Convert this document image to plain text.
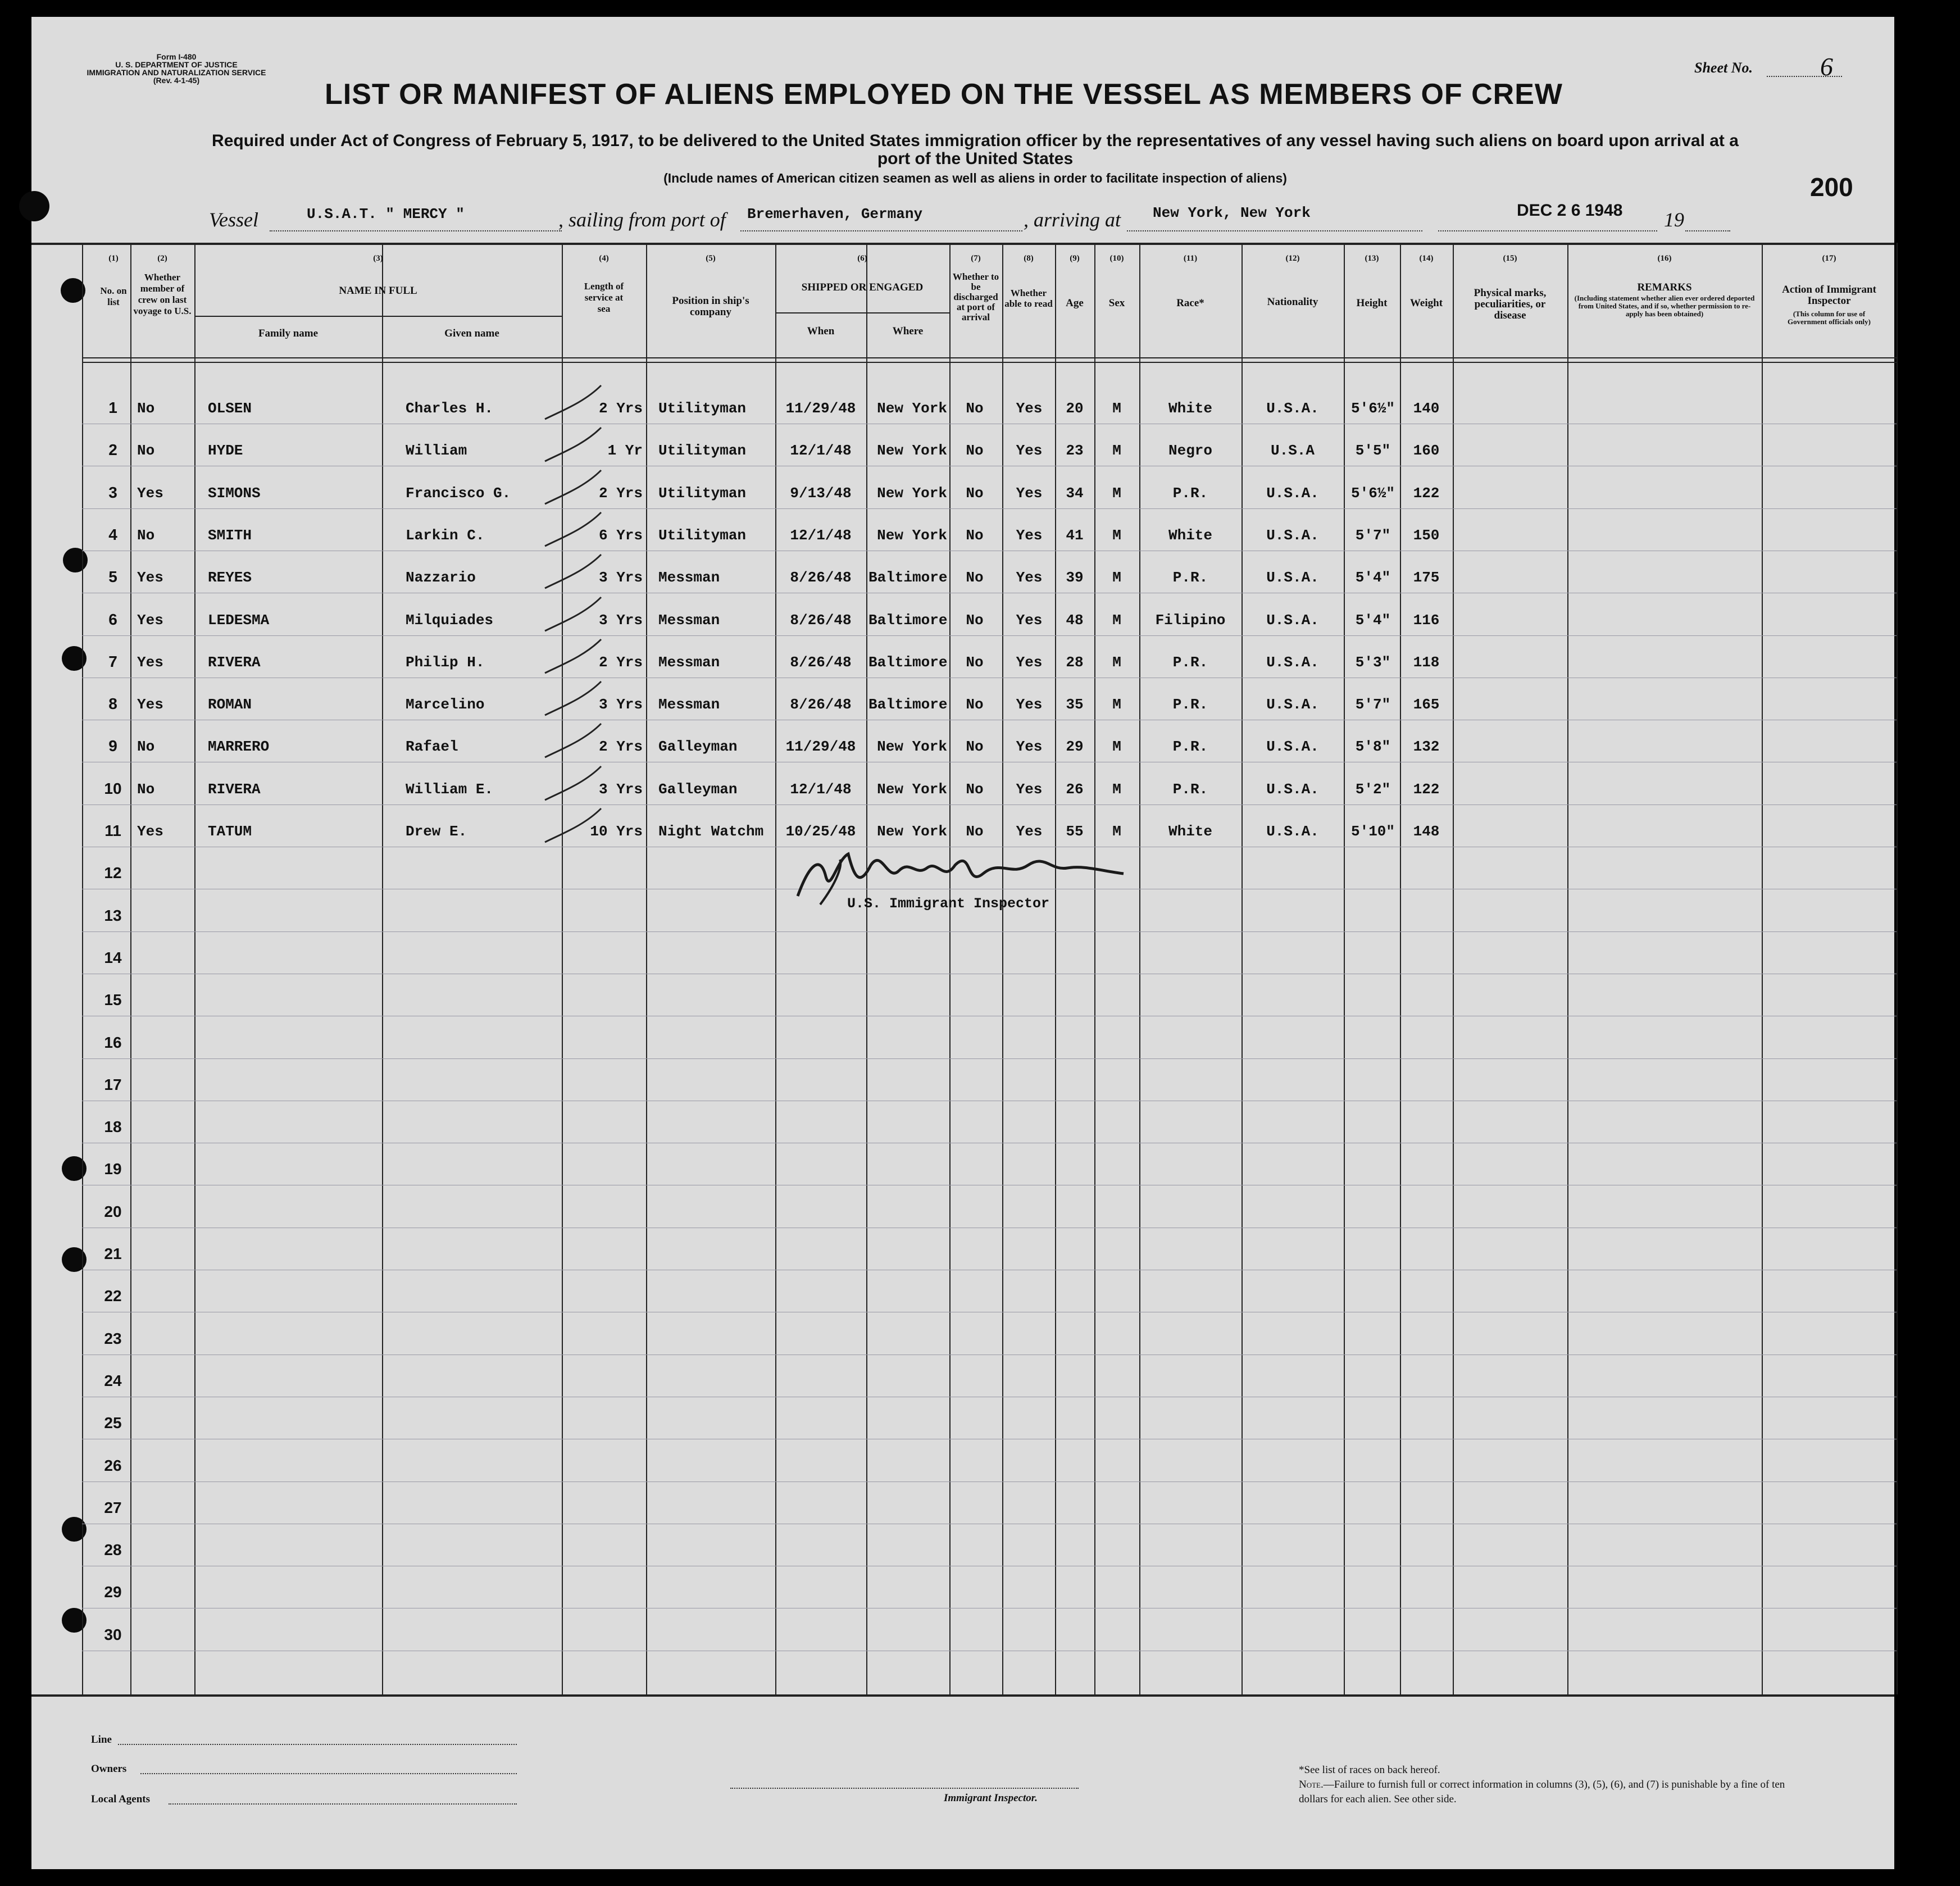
Form I-480
U. S. DEPARTMENT OF JUSTICE
IMMIGRATION AND NATURALIZATION SERVICE
(Rev. 4-1-45)
Sheet No.	6
LIST OR MANIFEST OF ALIENS EMPLOYED ON THE VESSEL AS MEMBERS OF CREW
Required under Act of Congress of February 5, 1917, to be delivered to the United States immigration officer by the representatives of any vessel having such aliens on board upon arrival at a
port of the United States
(Include names of American citizen seamen as well as aliens in order to facilitate inspection of aliens)	200
Vessel	U.S.A.T. " MERCY "	, sailing from port of Bremerhaven, Germany	, arriving at New York, New York	DEC 2 6 1948 19
(1)
No. on list
(2)
Whether member of crew on last voyage to U.S.
(3)
NAME IN FULL
Family name	Given name
(4)
Length of service at sea
(5)
Position in ship's company
(6)
SHIPPED OR ENGAGED
When	Where
(7)
Whether to be discharged at port of arrival
(8)
Whether able to read
(9)
Age
(10)
Sex
(11)
Race*
(12)
Nationality
(13)
Height
(14)
Weight
(15)
Physical marks, peculiarities, or disease
(16)
REMARKS
(Including statement whether alien ever ordered deported from United States, and if so, whether permission to re-apply has been obtained)
(17)
Action of Immigrant Inspector
(This column for use of Government officials only)
1	No	OLSEN	Charles H.	2 Yrs Utilityman	11/29/48	New York	No	Yes	20	M	White	U.S.A.	5'6½"	140
2	No	HYDE	William	1 Yr Utilityman	12/1/48	New York	No	Yes	23	M	Negro	U.S.A	5'5"	160
3	Yes	SIMONS	Francisco G.	2 Yrs Utilityman	9/13/48	New York	No	Yes	34	M	P.R.	U.S.A.	5'6½"	122
4	No	SMITH	Larkin C.	6 Yrs Utilityman	12/1/48	New York	No	Yes	41	M	White	U.S.A.	5'7"	150
5	Yes	REYES	Nazzario	3 Yrs Messman	8/26/48	Baltimore	No	Yes	39	M	P.R.	U.S.A.	5'4"	175
6	Yes	LEDESMA	Milquiades	3 Yrs Messman	8/26/48	Baltimore	No	Yes	48	M	Filipino	U.S.A.	5'4"	116
7	Yes	RIVERA	Philip H.	2 Yrs Messman	8/26/48	Baltimore	No	Yes	28	M	P.R.	U.S.A.	5'3"	118
8	Yes	ROMAN	Marcelino	3 Yrs Messman	8/26/48	Baltimore	No	Yes	35	M	P.R.	U.S.A.	5'7"	165
9	No	MARRERO	Rafael	2 Yrs Galleyman	11/29/48	New York	No	Yes	29	M	P.R.	U.S.A.	5'8"	132
10	No	RIVERA	William E.	3 Yrs Galleyman	12/1/48	New York	No	Yes	26	M	P.R.	U.S.A.	5'2"	122
11	Yes	TATUM	Drew E.	10 Yrs Night Watchm	10/25/48	New York	No	Yes	55	M	White	U.S.A.	5'10"	148
12
13
14
15
16
17
18
19
20
21
22
23
24
25
26
27
28
29
30
U.S. Immigrant Inspector
Line
Owners
Local Agents	Immigrant Inspector.
*See list of races on back hereof.
Note.—Failure to furnish full or correct information in columns (3), (5), (6), and (7) is punishable by a fine of ten dollars for each alien. See other side.
